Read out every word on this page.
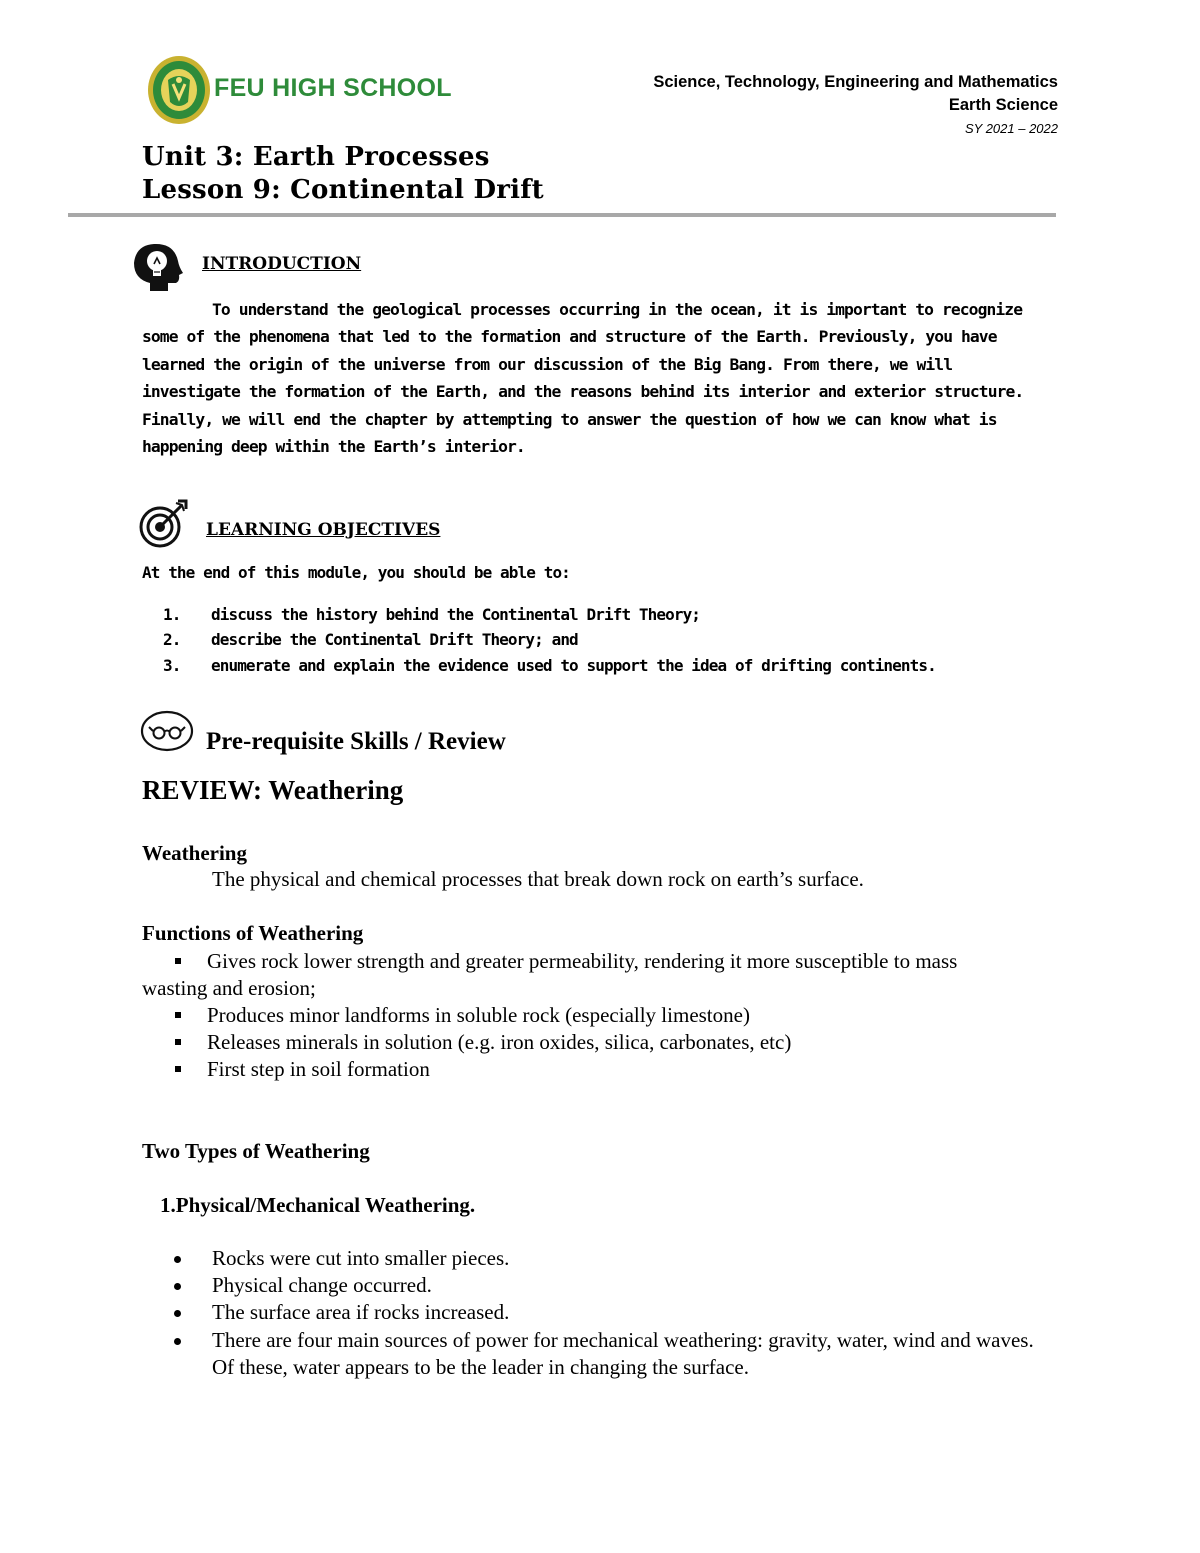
FEU HIGH SCHOOL	Science, Technology, Engineering and Mathematics
Earth Science
SY 2021 – 2022
Unit 3: Earth Processes
Lesson 9: Continental Drift
INTRODUCTION
To understand the geological processes occurring in the ocean, it is important to recognize some of the phenomena that led to the formation and structure of the Earth. Previously, you have learned the origin of the universe from our discussion of the Big Bang. From there, we will investigate the formation of the Earth, and the reasons behind its interior and exterior structure. Finally, we will end the chapter by attempting to answer the question of how we can know what is happening deep within the Earth’s interior.
LEARNING OBJECTIVES
At the end of this module, you should be able to:
1. discuss the history behind the Continental Drift Theory;
2. describe the Continental Drift Theory; and
3. enumerate and explain the evidence used to support the idea of drifting continents.
Pre-requisite Skills / Review
REVIEW: Weathering
Weathering
The physical and chemical processes that break down rock on earth’s surface.
Functions of Weathering
Gives rock lower strength and greater permeability, rendering it more susceptible to mass
wasting and erosion;
Produces minor landforms in soluble rock (especially limestone)
Releases minerals in solution (e.g. iron oxides, silica, carbonates, etc)
First step in soil formation
Two Types of Weathering
1.Physical/Mechanical Weathering.
Rocks were cut into smaller pieces.
Physical change occurred.
The surface area if rocks increased.
There are four main sources of power for mechanical weathering: gravity, water, wind and waves. Of these, water appears to be the leader in changing the surface.
